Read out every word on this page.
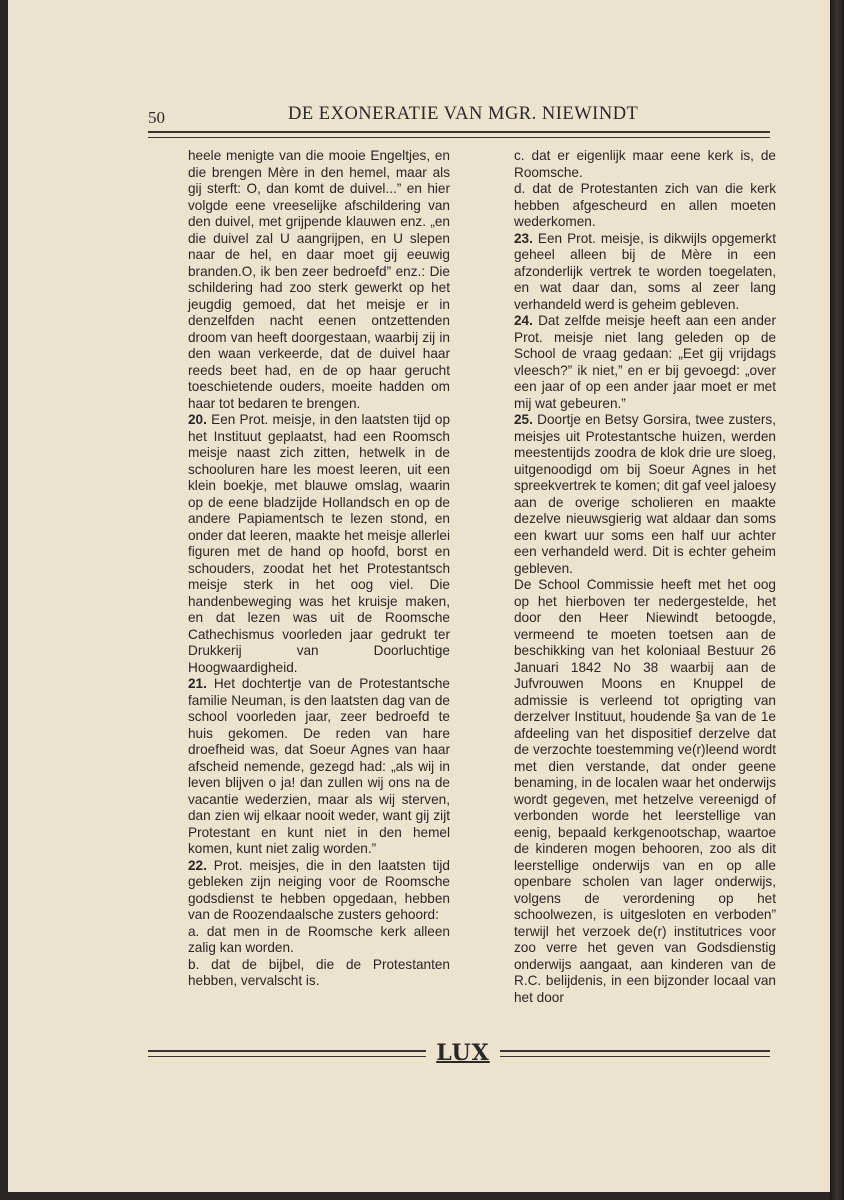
50	DE EXONERATIE VAN MGR. NIEWINDT

heele menigte van die mooie Engeltjes, en die brengen Mère in den hemel, maar als gij sterft: O, dan komt de duivel...” en hier volgde eene vreeselijke afschildering van den duivel, met grijpende klauwen enz. „en die duivel zal U aangrijpen, en U slepen naar de hel, en daar moet gij eeuwig branden.O, ik ben zeer bedroefd” enz.: Die schildering had zoo sterk gewerkt op het jeugdig gemoed, dat het meisje er in denzelfden nacht eenen ontzettenden droom van heeft doorgestaan, waarbij zij in den waan verkeerde, dat de duivel haar reeds beet had, en de op haar gerucht toeschietende ouders, moeite hadden om haar tot bedaren te brengen.

20. Een Prot. meisje, in den laatsten tijd op het Instituut geplaatst, had een Roomsch meisje naast zich zitten, hetwelk in de schooluren hare les moest leeren, uit een klein boekje, met blauwe omslag, waarin op de eene bladzijde Hollandsch en op de andere Papiamentsch te lezen stond, en onder dat leeren, maakte het meisje allerlei figuren met de hand op hoofd, borst en schouders, zoodat het het Protestantsch meisje sterk in het oog viel. Die handenbeweging was het kruisje maken, en dat lezen was uit de Roomsche Cathechismus voorleden jaar gedrukt ter Drukkerij van Doorluchtige Hoogwaardigheid.

21. Het dochtertje van de Protestantsche familie Neuman, is den laatsten dag van de school voorleden jaar, zeer bedroefd te huis gekomen. De reden van hare droefheid was, dat Soeur Agnes van haar afscheid nemende, gezegd had: „als wij in leven blijven o ja! dan zullen wij ons na de vacantie wederzien, maar als wij sterven, dan zien wij elkaar nooit weder, want gij zijt Protestant en kunt niet in den hemel komen, kunt niet zalig worden.”

22. Prot. meisjes, die in den laatsten tijd gebleken zijn neiging voor de Roomsche godsdienst te hebben opgedaan, hebben van de Roozendaalsche zusters gehoord:

a. dat men in de Roomsche kerk alleen zalig kan worden.

b. dat de bijbel, die de Protestanten hebben, vervalscht is.

c. dat er eigenlijk maar eene kerk is, de Roomsche.

d. dat de Protestanten zich van die kerk hebben afgescheurd en allen moeten wederkomen.

23. Een Prot. meisje, is dikwijls opgemerkt geheel alleen bij de Mère in een afzonderlijk vertrek te worden toegelaten, en wat daar dan, soms al zeer lang verhandeld werd is geheim gebleven.

24. Dat zelfde meisje heeft aan een ander Prot. meisje niet lang geleden op de School de vraag gedaan: „Eet gij vrijdags vleesch?” ik niet,” en er bij gevoegd: „over een jaar of op een ander jaar moet er met mij wat gebeuren.”

25. Doortje en Betsy Gorsira, twee zusters, meisjes uit Protestantsche huizen, werden meestentijds zoodra de klok drie ure sloeg, uitgenoodigd om bij Soeur Agnes in het spreekvertrek te komen; dit gaf veel jaloesy aan de overige scholieren en maakte dezelve nieuwsgierig wat aldaar dan soms een kwart uur soms een half uur achter een verhandeld werd. Dit is echter geheim gebleven.

De School Commissie heeft met het oog op het hierboven ter nedergestelde, het door den Heer Niewindt betoogde, vermeend te moeten toetsen aan de beschikking van het koloniaal Bestuur 26 Januari 1842 No 38 waarbij aan de Jufvrouwen Moons en Knuppel de admissie is verleend tot oprigting van derzelver Instituut, houdende §a van de 1e afdeeling van het dispositief derzelve dat de verzochte toestemming ve(r)leend wordt met dien verstande, dat onder geene benaming, in de localen waar het onderwijs wordt gegeven, met hetzelve vereenigd of verbonden worde het leerstellige van eenig, bepaald kerkgenootschap, waartoe de kinderen mogen behooren, zoo als dit leerstellige onderwijs van en op alle openbare scholen van lager onderwijs, volgens de verordening op het schoolwezen, is uitgesloten en verboden” terwijl het verzoek de(r) institutrices voor zoo verre het geven van Godsdienstig onderwijs aangaat, aan kinderen van de R.C. belijdenis, in een bijzonder locaal van het door

LUX
